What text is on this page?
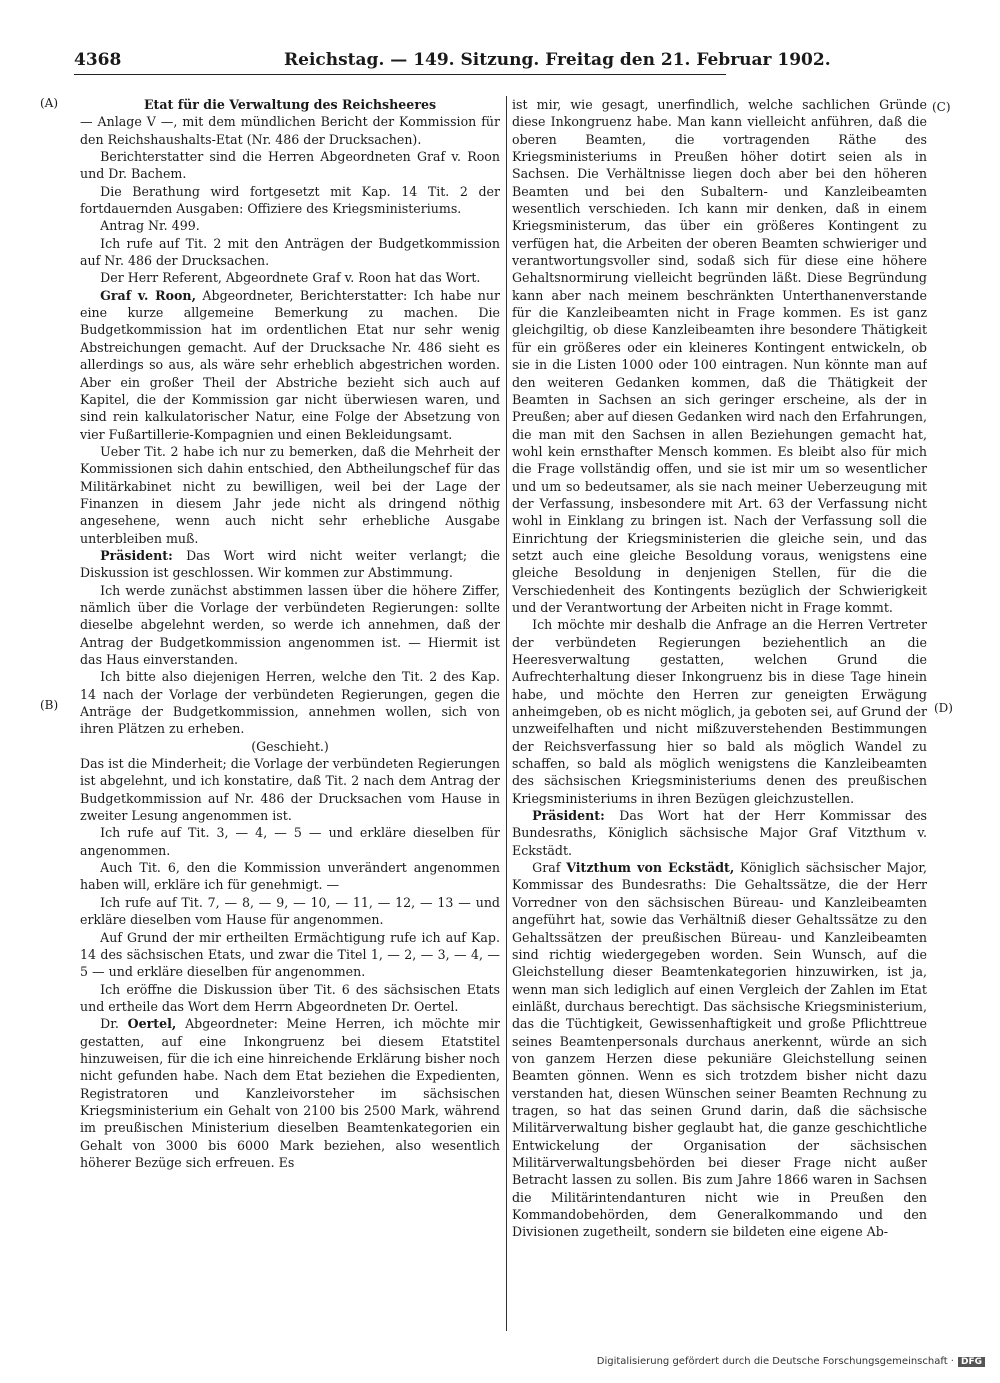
4368	Reichstag. — 149. Sitzung. Freitag den 21. Februar 1902.
(A)
(B)
(C)
(D)

Etat für die Verwaltung des Reichsheeres

— Anlage V —, mit dem mündlichen Bericht der Kommission für den Reichshaushalts-Etat (Nr. 486 der Drucksachen).

Berichterstatter sind die Herren Abgeordneten Graf v. Roon und Dr. Bachem.

Die Berathung wird fortgesetzt mit Kap. 14 Tit. 2 der fortdauernden Ausgaben: Offiziere des Kriegsministeriums.

Antrag Nr. 499.

Ich rufe auf Tit. 2 mit den Anträgen der Budgetkommission auf Nr. 486 der Drucksachen.

Der Herr Referent, Abgeordnete Graf v. Roon hat das Wort.

Graf v. Roon, Abgeordneter, Berichterstatter: Ich habe nur eine kurze allgemeine Bemerkung zu machen. Die Budgetkommission hat im ordentlichen Etat nur sehr wenig Abstreichungen gemacht. Auf der Drucksache Nr. 486 sieht es allerdings so aus, als wäre sehr erheblich abgestrichen worden. Aber ein großer Theil der Abstriche bezieht sich auch auf Kapitel, die der Kommission gar nicht überwiesen waren, und sind rein kalkulatorischer Natur, eine Folge der Absetzung von vier Fußartillerie-Kompagnien und einen Bekleidungsamt.

Ueber Tit. 2 habe ich nur zu bemerken, daß die Mehrheit der Kommissionen sich dahin entschied, den Abtheilungschef für das Militärkabinet nicht zu bewilligen, weil bei der Lage der Finanzen in diesem Jahr jede nicht als dringend nöthig angesehene, wenn auch nicht sehr erhebliche Ausgabe unterbleiben muß.

Präsident: Das Wort wird nicht weiter verlangt; die Diskussion ist geschlossen. Wir kommen zur Abstimmung.

Ich werde zunächst abstimmen lassen über die höhere Ziffer, nämlich über die Vorlage der verbündeten Regierungen: sollte dieselbe abgelehnt werden, so werde ich annehmen, daß der Antrag der Budgetkommission angenommen ist. — Hiermit ist das Haus einverstanden.

Ich bitte also diejenigen Herren, welche den Tit. 2 des Kap. 14 nach der Vorlage der verbündeten Regierungen, gegen die Anträge der Budgetkommission, annehmen wollen, sich von ihren Plätzen zu erheben.

(Geschieht.)

Das ist die Minderheit; die Vorlage der verbündeten Regierungen ist abgelehnt, und ich konstatire, daß Tit. 2 nach dem Antrag der Budgetkommission auf Nr. 486 der Drucksachen vom Hause in zweiter Lesung angenommen ist.

Ich rufe auf Tit. 3, — 4, — 5 — und erkläre dieselben für angenommen.

Auch Tit. 6, den die Kommission unverändert angenommen haben will, erkläre ich für genehmigt. —

Ich rufe auf Tit. 7, — 8, — 9, — 10, — 11, — 12, — 13 — und erkläre dieselben vom Hause für angenommen.

Auf Grund der mir ertheilten Ermächtigung rufe ich auf Kap. 14 des sächsischen Etats, und zwar die Titel 1, — 2, — 3, — 4, — 5 — und erkläre dieselben für angenommen.

Ich eröffne die Diskussion über Tit. 6 des sächsischen Etats und ertheile das Wort dem Herrn Abgeordneten Dr. Oertel.

Dr. Oertel, Abgeordneter: Meine Herren, ich möchte mir gestatten, auf eine Inkongruenz bei diesem Etatstitel hinzuweisen, für die ich eine hinreichende Erklärung bisher noch nicht gefunden habe. Nach dem Etat beziehen die Expedienten, Registratoren und Kanzleivorsteher im sächsischen Kriegsministerium ein Gehalt von 2100 bis 2500 Mark, während im preußischen Ministerium dieselben Beamtenkategorien ein Gehalt von 3000 bis 6000 Mark beziehen, also wesentlich höherer Bezüge sich erfreuen. Es

ist mir, wie gesagt, unerfindlich, welche sachlichen Gründe diese Inkongruenz habe. Man kann vielleicht anführen, daß die oberen Beamten, die vortragenden Räthe des Kriegsministeriums in Preußen höher dotirt seien als in Sachsen. Die Verhältnisse liegen doch aber bei den höheren Beamten und bei den Subaltern- und Kanzleibeamten wesentlich verschieden. Ich kann mir denken, daß in einem Kriegsministerum, das über ein größeres Kontingent zu verfügen hat, die Arbeiten der oberen Beamten schwieriger und verantwortungsvoller sind, sodaß sich für diese eine höhere Gehaltsnormirung vielleicht begründen läßt. Diese Begründung kann aber nach meinem beschränkten Unterthanenverstande für die Kanzleibeamten nicht in Frage kommen. Es ist ganz gleichgiltig, ob diese Kanzleibeamten ihre besondere Thätigkeit für ein größeres oder ein kleineres Kontingent entwickeln, ob sie in die Listen 1000 oder 100 eintragen. Nun könnte man auf den weiteren Gedanken kommen, daß die Thätigkeit der Beamten in Sachsen an sich geringer erscheine, als der in Preußen; aber auf diesen Gedanken wird nach den Erfahrungen, die man mit den Sachsen in allen Beziehungen gemacht hat, wohl kein ernsthafter Mensch kommen. Es bleibt also für mich die Frage vollständig offen, und sie ist mir um so wesentlicher und um so bedeutsamer, als sie nach meiner Ueberzeugung mit der Verfassung, insbesondere mit Art. 63 der Verfassung nicht wohl in Einklang zu bringen ist. Nach der Verfassung soll die Einrichtung der Kriegsministerien die gleiche sein, und das setzt auch eine gleiche Besoldung voraus, wenigstens eine gleiche Besoldung in denjenigen Stellen, für die die Verschiedenheit des Kontingents bezüglich der Schwierigkeit und der Verantwortung der Arbeiten nicht in Frage kommt.

Ich möchte mir deshalb die Anfrage an die Herren Vertreter der verbündeten Regierungen beziehentlich an die Heeresverwaltung gestatten, welchen Grund die Aufrechterhaltung dieser Inkongruenz bis in diese Tage hinein habe, und möchte den Herren zur geneigten Erwägung anheimgeben, ob es nicht möglich, ja geboten sei, auf Grund der unzweifelhaften und nicht mißzuverstehenden Bestimmungen der Reichsverfassung hier so bald als möglich Wandel zu schaffen, so bald als möglich wenigstens die Kanzleibeamten des sächsischen Kriegsministeriums denen des preußischen Kriegsministeriums in ihren Bezügen gleichzustellen.

Präsident: Das Wort hat der Herr Kommissar des Bundesraths, Königlich sächsische Major Graf Vitzthum v. Eckstädt.

Graf Vitzthum von Eckstädt, Königlich sächsischer Major, Kommissar des Bundesraths: Die Gehaltssätze, die der Herr Vorredner von den sächsischen Büreau- und Kanzleibeamten angeführt hat, sowie das Verhältniß dieser Gehaltssätze zu den Gehaltssätzen der preußischen Büreau- und Kanzleibeamten sind richtig wiedergegeben worden. Sein Wunsch, auf die Gleichstellung dieser Beamtenkategorien hinzuwirken, ist ja, wenn man sich lediglich auf einen Vergleich der Zahlen im Etat einläßt, durchaus berechtigt. Das sächsische Kriegsministerium, das die Tüchtigkeit, Gewissenhaftigkeit und große Pflichttreue seines Beamtenpersonals durchaus anerkennt, würde an sich von ganzem Herzen diese pekuniäre Gleichstellung seinen Beamten gönnen. Wenn es sich trotzdem bisher nicht dazu verstanden hat, diesen Wünschen seiner Beamten Rechnung zu tragen, so hat das seinen Grund darin, daß die sächsische Militärverwaltung bisher geglaubt hat, die ganze geschichtliche Entwickelung der Organisation der sächsischen Militärverwaltungsbehörden bei dieser Frage nicht außer Betracht lassen zu sollen. Bis zum Jahre 1866 waren in Sachsen die Militärintendanturen nicht wie in Preußen den Kommandobehörden, dem Generalkommando und den Divisionen zugetheilt, sondern sie bildeten eine eigene Ab-

Digitalisierung gefördert durch die Deutsche Forschungsgemeinschaft · DFG
